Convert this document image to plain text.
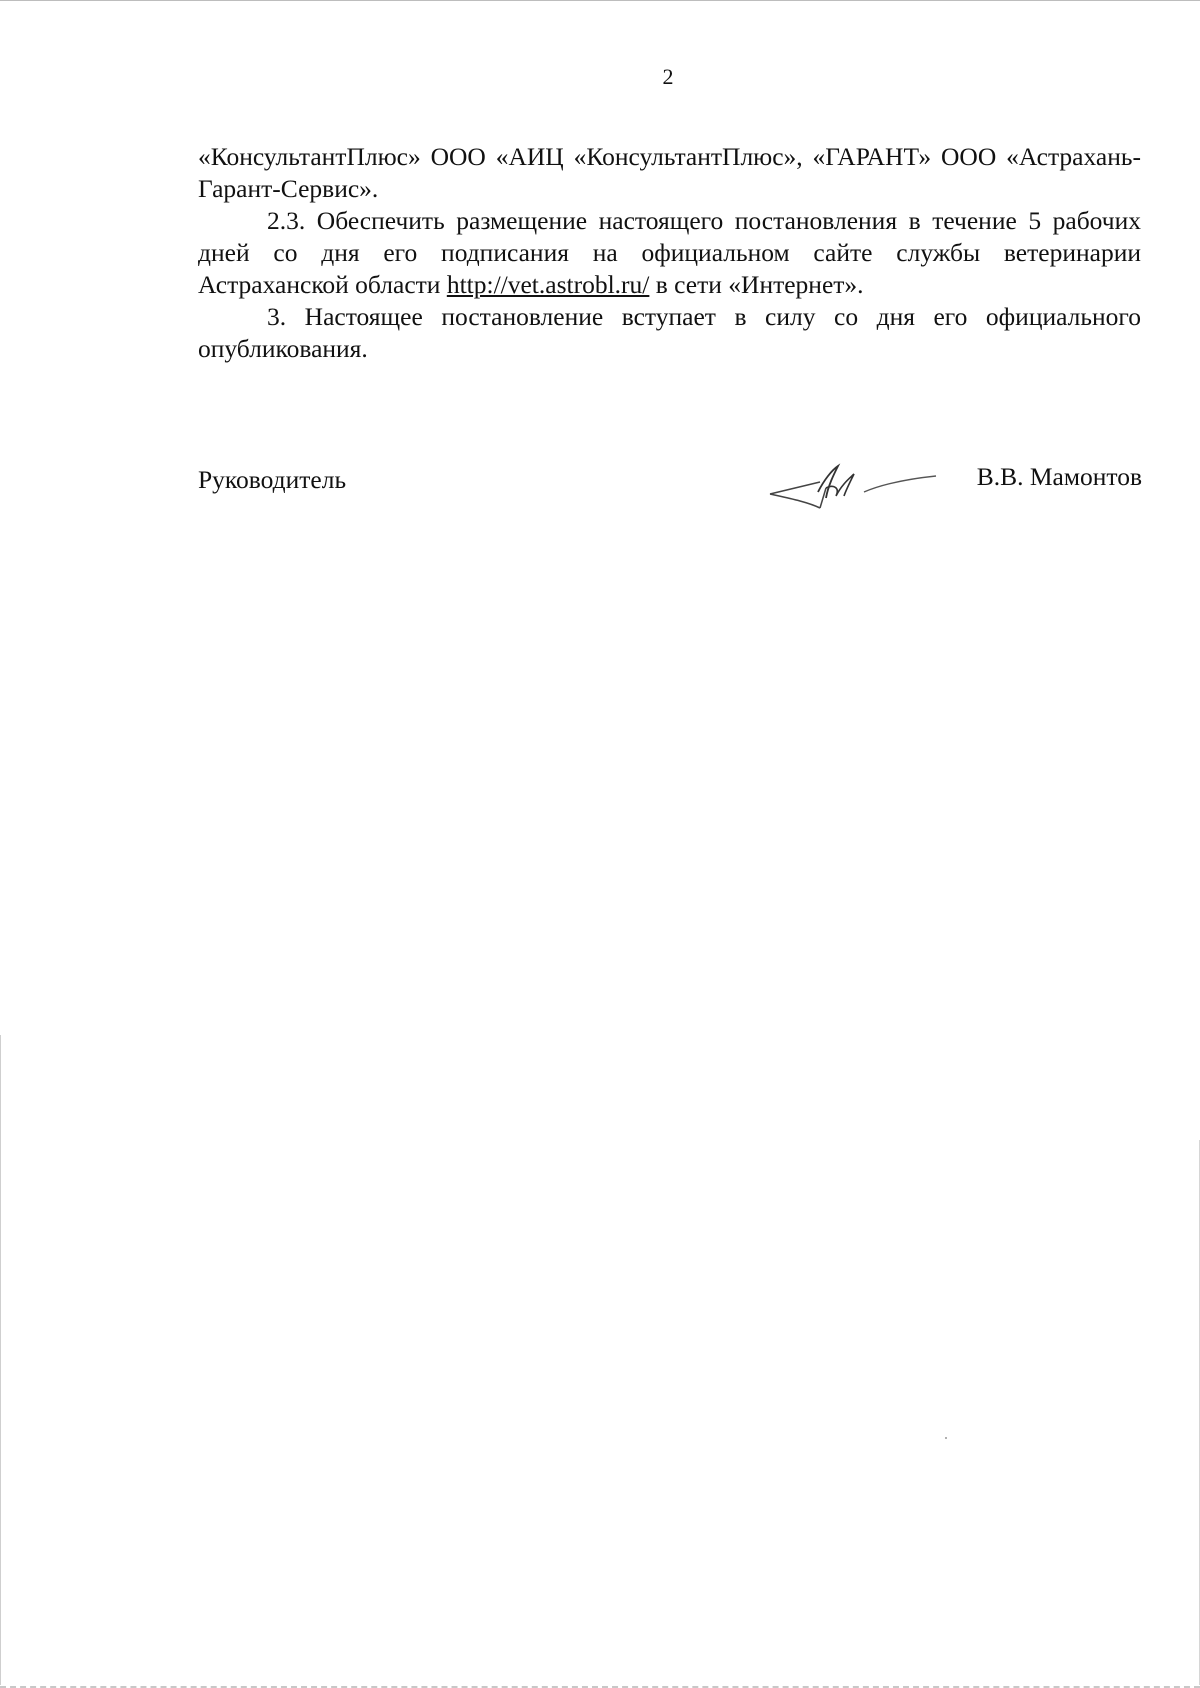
2

«КонсультантПлюс» ООО «АИЦ «КонсультантПлюс», «ГАРАНТ» ООО «Астрахань-Гарант-Сервис».

2.3. Обеспечить размещение настоящего постановления в течение 5 рабочих дней со дня его подписания на официальном сайте службы ветеринарии Астраханской области http://vet.astrobl.ru/ в сети «Интернет».

3. Настоящее постановление вступает в силу со дня его официального опубликования.

Руководитель	В.В. Мамонтов
